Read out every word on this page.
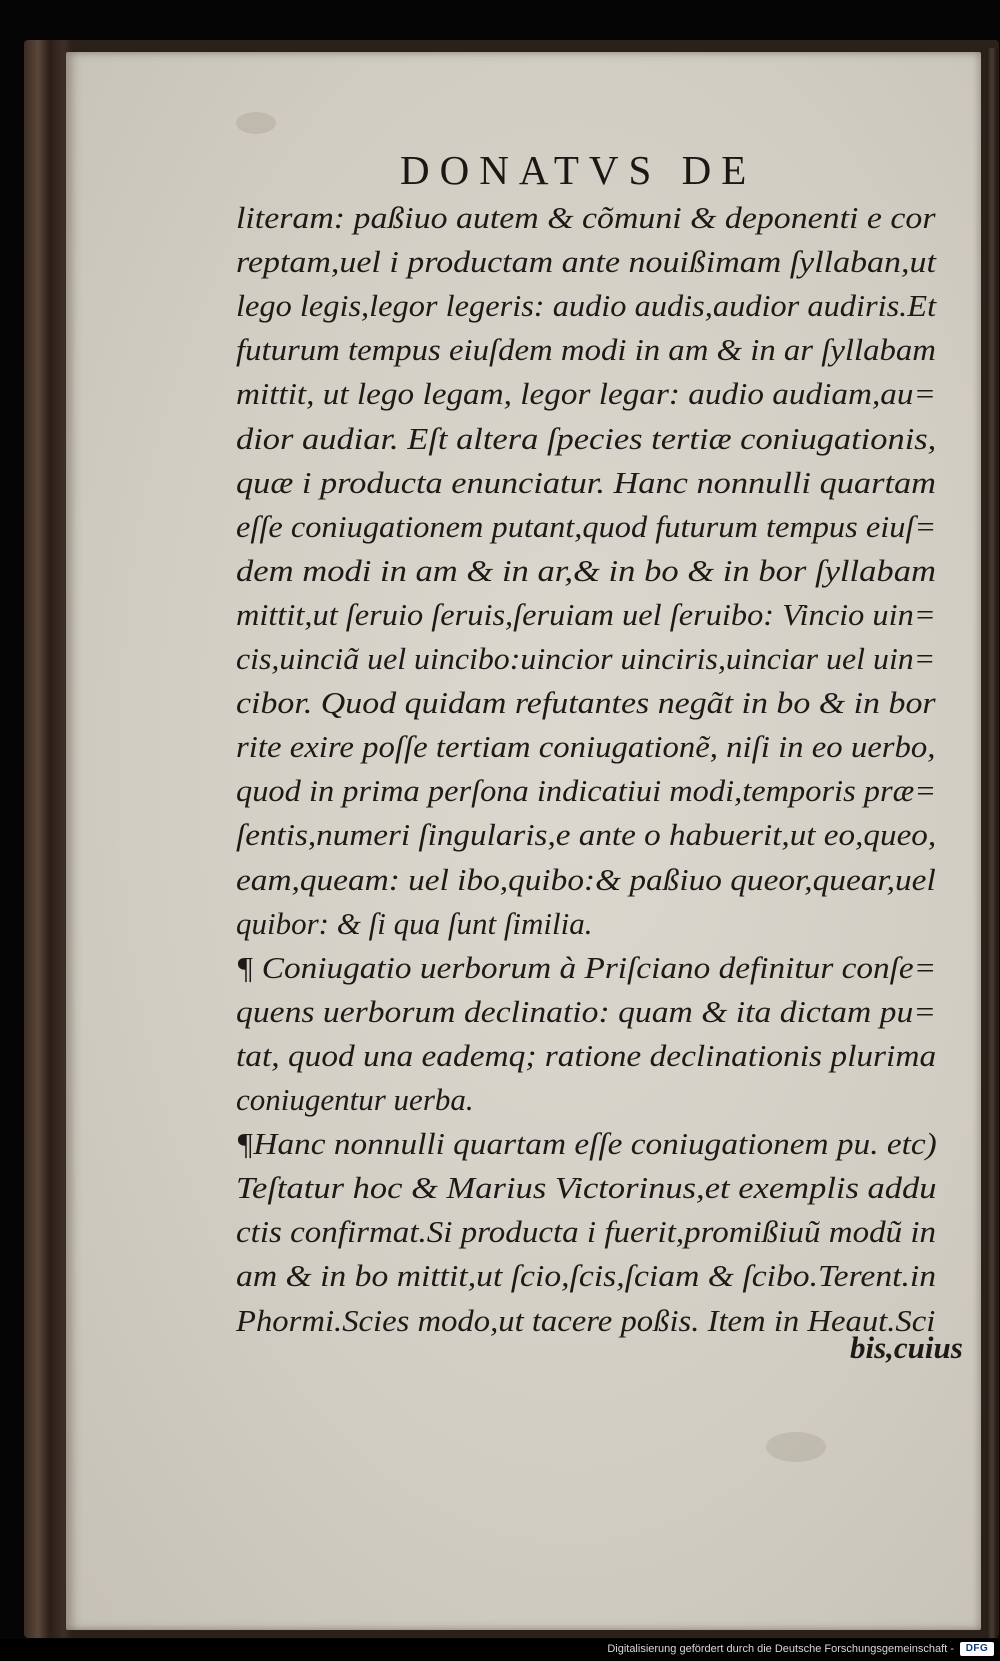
DONATVS DE
literam: paßiuo autem & cõmuni & deponenti e cor
reptam,uel i productam ante nouißimam ſyllaban,ut
lego legis,legor legeris: audio audis,audior audiris.Et
futurum tempus eiuſdem modi in am & in ar ſyllabam
mittit, ut lego legam, legor legar: audio audiam,au=
dior audiar. Eſt altera ſpecies tertiæ coniugationis,
quæ i producta enunciatur. Hanc nonnulli quartam
eſſe coniugationem putant,quod futurum tempus eiuſ=
dem modi in am & in ar,& in bo & in bor ſyllabam
mittit,ut ſeruio ſeruis,ſeruiam uel ſeruibo: Vincio uin=
cis,uinciã uel uincibo:uincior uinciris,uinciar uel uin=
cibor. Quod quidam refutantes negãt in bo & in bor
rite exire poſſe tertiam coniugationẽ, niſi in eo uerbo,
quod in prima perſona indicatiui modi,temporis præ=
ſentis,numeri ſingularis,e ante o habuerit,ut eo,queo,
eam,queam: uel ibo,quibo:& paßiuo queor,quear,uel
quibor: & ſi qua ſunt ſimilia.
¶ Coniugatio uerborum à Priſciano definitur conſe=
quens uerborum declinatio: quam & ita dictam pu=
tat, quod una eademq; ratione declinationis plurima
coniugentur uerba.
¶Hanc nonnulli quartam eſſe coniugationem pu. etc)
Teſtatur hoc & Marius Victorinus,et exemplis addu
ctis confirmat.Si producta i fuerit,promißiuũ modũ in
am & in bo mittit,ut ſcio,ſcis,ſciam & ſcibo.Terent.in
Phormi.Scies modo,ut tacere poßis. Item in Heaut.Sci
bis,cuius
Digitalisierung gefördert durch die Deutsche Forschungsgemeinschaft -	DFG
